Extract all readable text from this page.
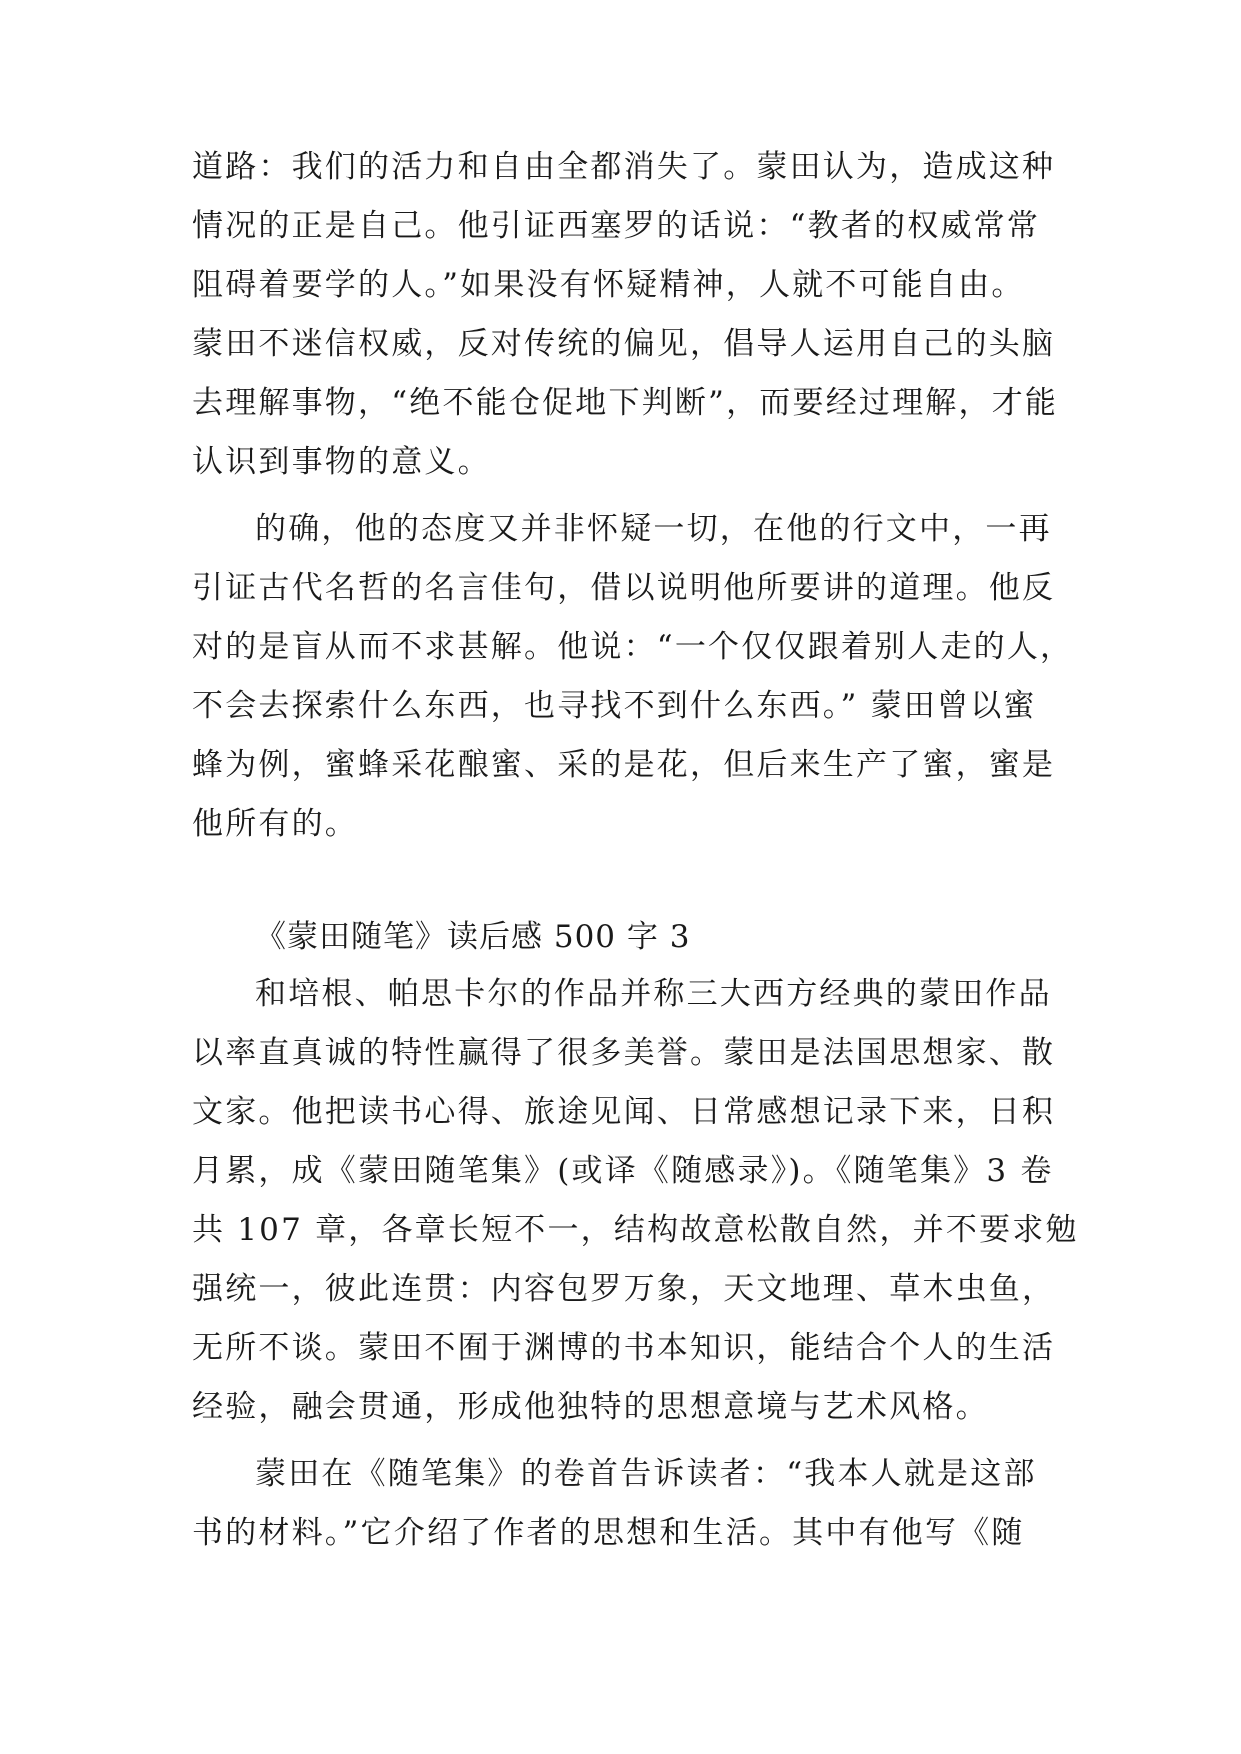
道路：我们的活力和自由全都消失了。蒙田认为，造成这种
情况的正是自己。他引证西塞罗的话说：“教者的权威常常
阻碍着要学的人。”如果没有怀疑精神，人就不可能自由。
蒙田不迷信权威，反对传统的偏见，倡导人运用自己的头脑
去理解事物，“绝不能仓促地下判断”，而要经过理解，才能
认识到事物的意义。
的确，他的态度又并非怀疑一切，在他的行文中，一再
引证古代名哲的名言佳句，借以说明他所要讲的道理。他反
对的是盲从而不求甚解。他说：“一个仅仅跟着别人走的人，
不会去探索什么东西，也寻找不到什么东西。” 蒙田曾以蜜
蜂为例，蜜蜂采花酿蜜、采的是花，但后来生产了蜜，蜜是
他所有的。
《蒙田随笔》读后感 500 字 3
和培根、帕思卡尔的作品并称三大西方经典的蒙田作品
以率直真诚的特性赢得了很多美誉。蒙田是法国思想家、散
文家。他把读书心得、旅途见闻、日常感想记录下来，日积
月累，成《蒙田随笔集》(或译《随感录》)。《随笔集》3 卷
共 107 章，各章长短不一，结构故意松散自然，并不要求勉
强统一，彼此连贯：内容包罗万象，天文地理、草木虫鱼，
无所不谈。蒙田不囿于渊博的书本知识，能结合个人的生活
经验，融会贯通，形成他独特的思想意境与艺术风格。
蒙田在《随笔集》的卷首告诉读者：“我本人就是这部
书的材料。”它介绍了作者的思想和生活。其中有他写《随
